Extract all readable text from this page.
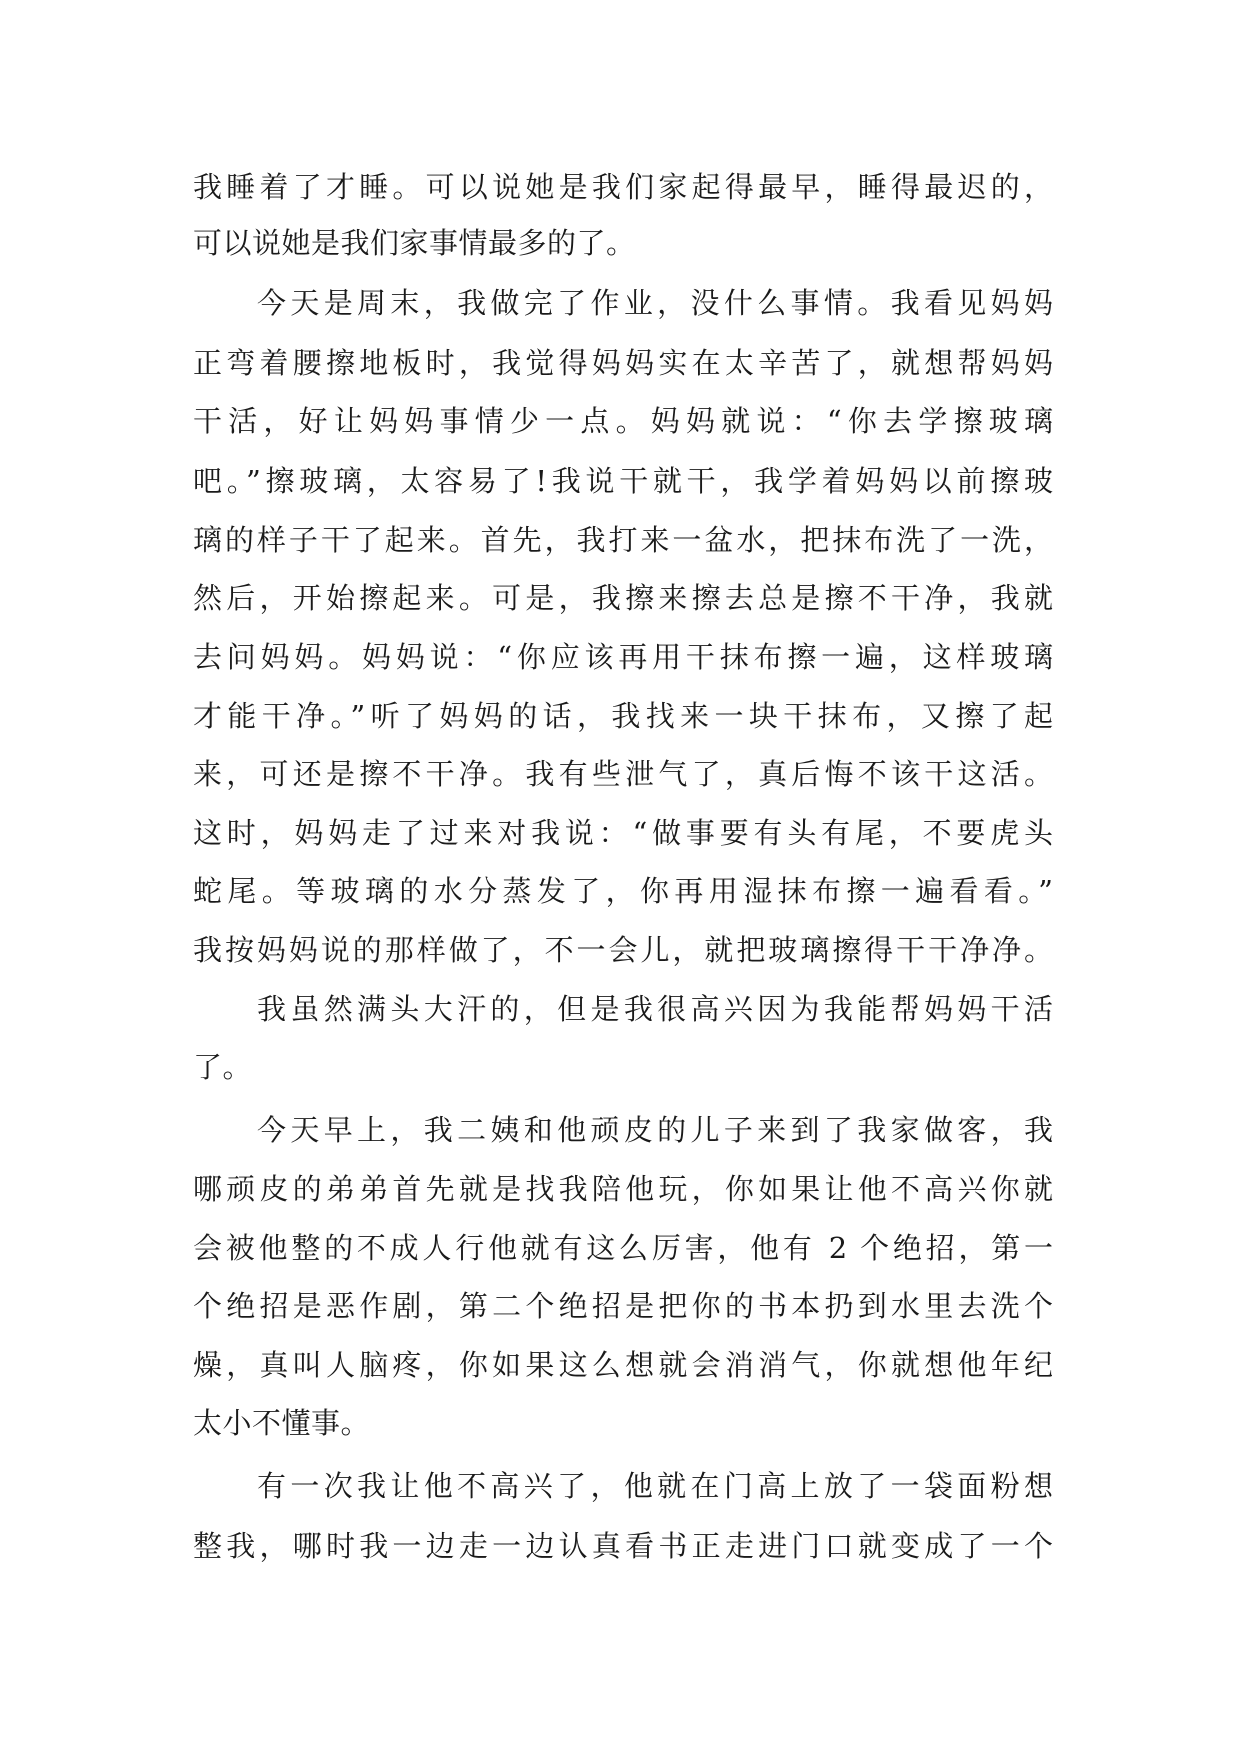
我睡着了才睡。可以说她是我们家起得最早，睡得最迟的，
可以说她是我们家事情最多的了。
今天是周末，我做完了作业，没什么事情。我看见妈妈
正弯着腰擦地板时，我觉得妈妈实在太辛苦了，就想帮妈妈
干活，好让妈妈事情少一点。妈妈就说：“你去学擦玻璃
吧。”擦玻璃，太容易了!我说干就干，我学着妈妈以前擦玻
璃的样子干了起来。首先，我打来一盆水，把抹布洗了一洗，
然后，开始擦起来。可是，我擦来擦去总是擦不干净，我就
去问妈妈。妈妈说：“你应该再用干抹布擦一遍，这样玻璃
才能干净。”听了妈妈的话，我找来一块干抹布，又擦了起
来，可还是擦不干净。我有些泄气了，真后悔不该干这活。
这时，妈妈走了过来对我说：“做事要有头有尾，不要虎头
蛇尾。等玻璃的水分蒸发了，你再用湿抹布擦一遍看看。”
我按妈妈说的那样做了，不一会儿，就把玻璃擦得干干净净。
我虽然满头大汗的，但是我很高兴因为我能帮妈妈干活
了。
今天早上，我二姨和他顽皮的儿子来到了我家做客，我
哪顽皮的弟弟首先就是找我陪他玩，你如果让他不高兴你就
会被他整的不成人行他就有这么厉害，他有 2 个绝招，第一
个绝招是恶作剧，第二个绝招是把你的书本扔到水里去洗个
燥，真叫人脑疼，你如果这么想就会消消气，你就想他年纪
太小不懂事。
有一次我让他不高兴了，他就在门高上放了一袋面粉想
整我，哪时我一边走一边认真看书正走进门口就变成了一个
